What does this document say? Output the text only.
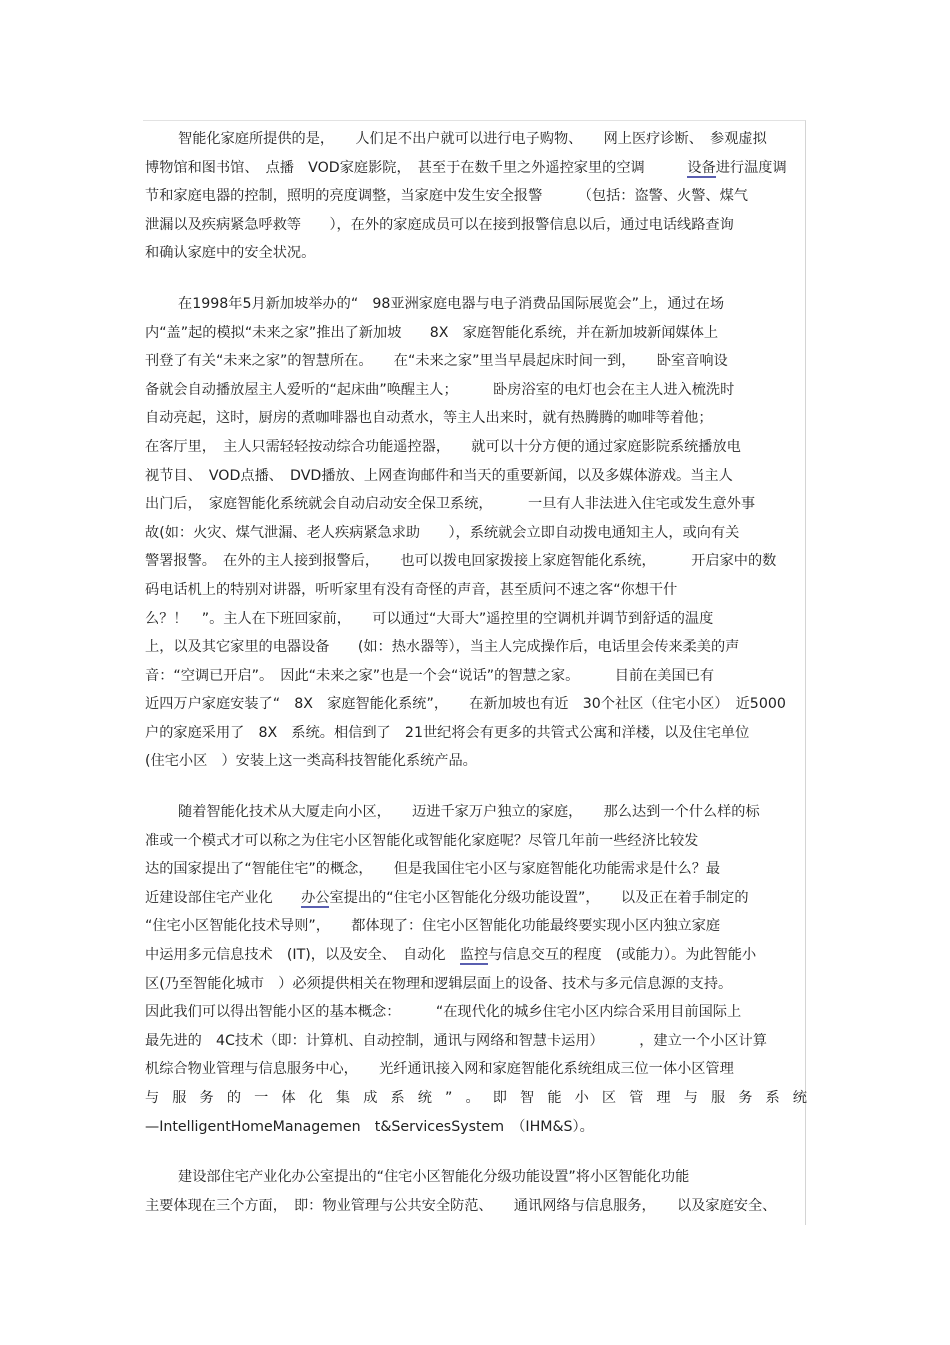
智能化家庭所提供的是，　　人们足不出户就可以进行电子购物、　　网上医疗诊断、　参观虚拟
博物馆和图书馆、　点播　VOD家庭影院，　甚至于在数千里之外遥控家里的空调　　　设备进行温度调
节和家庭电器的控制，照明的亮度调整，当家庭中发生安全报警　　　（包括：盗警、火警、煤气
泄漏以及疾病紧急呼救等　　），在外的家庭成员可以在接到报警信息以后，通过电话线路查询
和确认家庭中的安全状况。
在1998年5月新加坡举办的“　98亚洲家庭电器与电子消费品国际展览会”上，通过在场
内“盖”起的模拟“未来之家”推出了新加坡　　8X　家庭智能化系统，并在新加坡新闻媒体上
刊登了有关“未来之家”的智慧所在。　　在“未来之家”里当早晨起床时间一到，　　卧室音响设
备就会自动播放屋主人爱听的“起床曲”唤醒主人；　　　卧房浴室的电灯也会在主人进入梳洗时
自动亮起，这时，厨房的煮咖啡器也自动煮水，等主人出来时，就有热腾腾的咖啡等着他；
在客厅里，　主人只需轻轻按动综合功能遥控器，　　就可以十分方便的通过家庭影院系统播放电
视节目、　VOD点播、　DVD播放、上网查询邮件和当天的重要新闻，以及多媒体游戏。当主人
出门后，　家庭智能化系统就会自动启动安全保卫系统，　　　一旦有人非法进入住宅或发生意外事
故(如：火灾、煤气泄漏、老人疾病紧急求助　　），系统就会立即自动拨电通知主人，或向有关
警署报警。　在外的主人接到报警后，　　也可以拨电回家拨接上家庭智能化系统，　　　开启家中的数
码电话机上的特别对讲器，听听家里有没有奇怪的声音，甚至质问不速之客“你想干什
么？！　”。主人在下班回家前，　　可以通过“大哥大”遥控里的空调机并调节到舒适的温度
上，以及其它家里的电器设备　　(如：热水器等），当主人完成操作后，电话里会传来柔美的声
音：“空调已开启”。　因此“未来之家”也是一个会“说话”的智慧之家。　　　目前在美国已有
近四万户家庭安装了“　8X　家庭智能化系统”，　　在新加坡也有近　30个社区（住宅小区）　近5000
户的家庭采用了　8X　系统。相信到了　21世纪将会有更多的共管式公寓和洋楼，以及住宅单位
(住宅小区　）安装上这一类高科技智能化系统产品。
随着智能化技术从大厦走向小区，　　迈进千家万户独立的家庭，　　那么达到一个什么样的标
准或一个模式才可以称之为住宅小区智能化或智能化家庭呢？尽管几年前一些经济比较发
达的国家提出了“智能住宅”的概念，　　但是我国住宅小区与家庭智能化功能需求是什么？最
近建设部住宅产业化　　办公室提出的“住宅小区智能化分级功能设置”，　　以及正在着手制定的
“住宅小区智能化技术导则”，　　都体现了：住宅小区智能化功能最终要实现小区内独立家庭
中运用多元信息技术　(IT)，以及安全、　自动化　监控与信息交互的程度　(或能力）。为此智能小
区(乃至智能化城市　）必须提供相关在物理和逻辑层面上的设备、技术与多元信息源的支持。
因此我们可以得出智能小区的基本概念：　　　“在现代化的城乡住宅小区内综合采用目前国际上
最先进的　4C技术（即：计算机、自动控制，通讯与网络和智慧卡运用）　　　，建立一个小区计算
机综合物业管理与信息服务中心，　　光纤通讯接入网和家庭智能化系统组成三位一体小区管理
与服务的一体化集成系统”。即智能小区管理与服务系统
—IntelligentHomeManagemen　t&ServicesSystem　（IHM&S）。
建设部住宅产业化办公室提出的“住宅小区智能化分级功能设置”将小区智能化功能
主要体现在三个方面，　即：物业管理与公共安全防范、　　通讯网络与信息服务，　　以及家庭安全、
